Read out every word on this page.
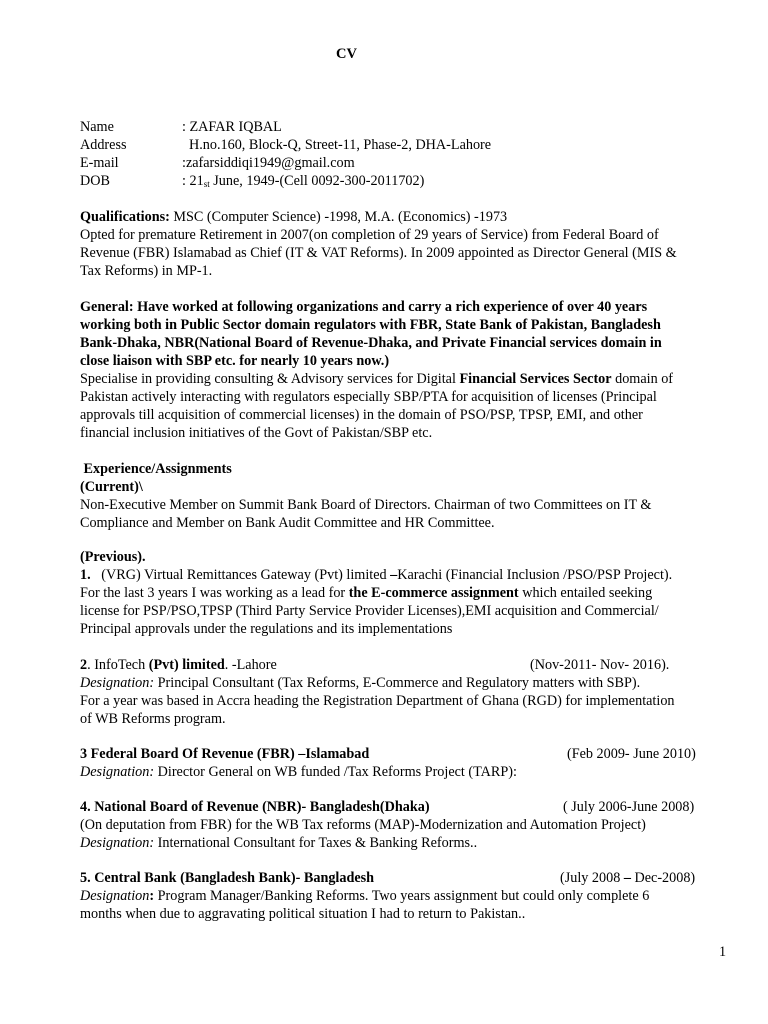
CV
Name	: ZAFAR IQBAL
Address	H.no.160, Block-Q, Street-11, Phase-2, DHA-Lahore
E-mail	:zafarsiddiqi1949@gmail.com
DOB	: $21_{st}$ June, 1949-(Cell 0092-300-2011702)
Qualifications: MSC (Computer Science) -1998, M.A. (Economics) -1973
Opted for premature Retirement in 2007(on completion of 29 years of Service) from Federal Board of
Revenue (FBR) Islamabad as Chief (IT & VAT Reforms). In 2009 appointed as Director General (MIS &
Tax Reforms) in MP-1.
General: Have worked at following organizations and carry a rich experience of over 40 years
working both in Public Sector domain regulators with FBR, State Bank of Pakistan, Bangladesh
Bank-Dhaka, NBR(National Board of Revenue-Dhaka, and Private Financial services domain in
close liaison with SBP etc. for nearly 10 years now.)
Specialise in providing consulting & Advisory services for Digital Financial Services Sector domain of
Pakistan actively interacting with regulators especially SBP/PTA for acquisition of licenses (Principal
approvals till acquisition of commercial licenses) in the domain of PSO/PSP, TPSP, EMI, and other
financial inclusion initiatives of the Govt of Pakistan/SBP etc.
Experience/Assignments
(Current)\
Non-Executive Member on Summit Bank Board of Directors. Chairman of two Committees on IT &
Compliance and Member on Bank Audit Committee and HR Committee.
(Previous).
1.   (VRG) Virtual Remittances Gateway (Pvt) limited –Karachi (Financial Inclusion /PSO/PSP Project).
For the last 3 years I was working as a lead for the E-commerce assignment which entailed seeking
license for PSP/PSO,TPSP (Third Party Service Provider Licenses),EMI acquisition and Commercial/
Principal approvals under the regulations and its implementations
2. InfoTech (Pvt) limited. -Lahore	(Nov-2011- Nov- 2016).
Designation: Principal Consultant (Tax Reforms, E-Commerce and Regulatory matters with SBP).
For a year was based in Accra heading the Registration Department of Ghana (RGD) for implementation
of WB Reforms program.
3 Federal Board Of Revenue (FBR) –Islamabad	(Feb 2009- June 2010)
Designation: Director General on WB funded /Tax Reforms Project (TARP):
4. National Board of Revenue (NBR)- Bangladesh(Dhaka)	( July 2006-June 2008)
(On deputation from FBR) for the WB Tax reforms (MAP)-Modernization and Automation Project)
Designation: International Consultant for Taxes & Banking Reforms..
5. Central Bank (Bangladesh Bank)- Bangladesh	(July 2008 – Dec-2008)
Designation: Program Manager/Banking Reforms. Two years assignment but could only complete 6
months when due to aggravating political situation I had to return to Pakistan..
1
